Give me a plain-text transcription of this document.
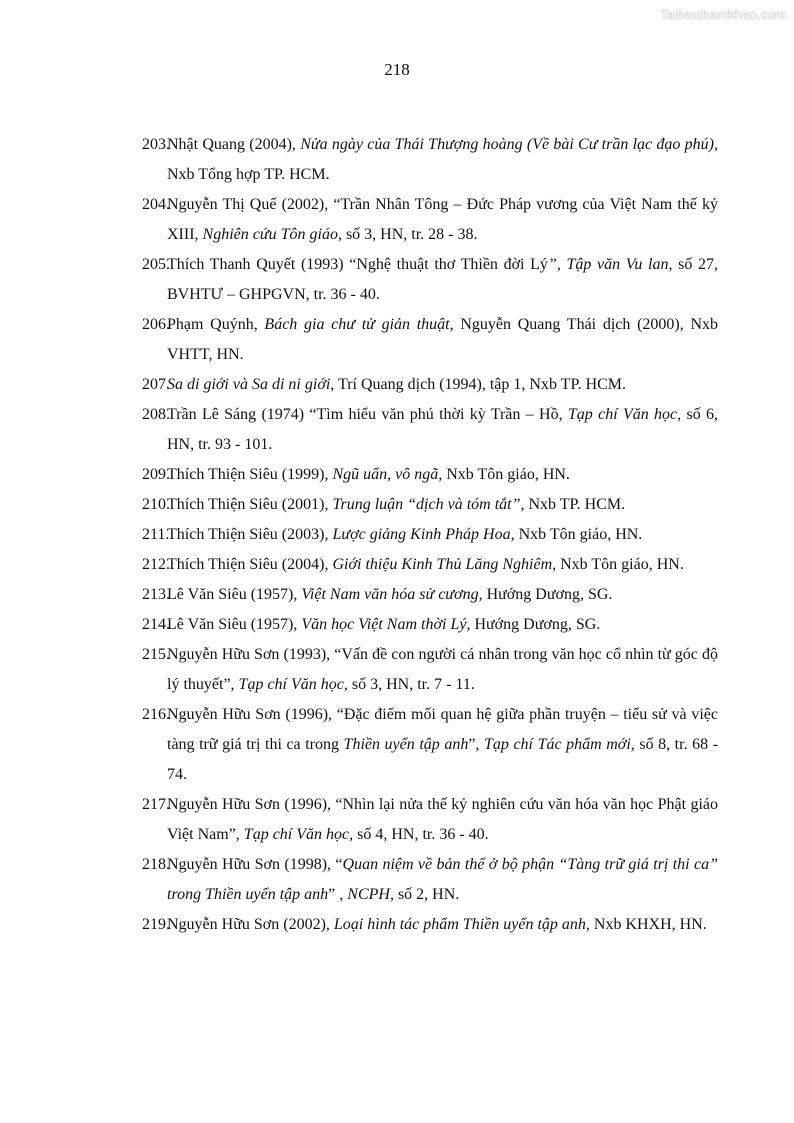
Tailieuthamkhao.com
218
203.
Nhật Quang (2004), Nửa ngày của Thái Thượng hoàng (Về bài Cư trần lạc đạo phú), Nxb Tổng hợp TP. HCM.
204.
Nguyễn Thị Quế (2002), “Trần Nhân Tông – Đức Pháp vương của Việt Nam thế kỷ XIII, Nghiên cứu Tôn giáo, số 3, HN, tr. 28 - 38.
205.
Thích Thanh Quyết (1993) “Nghệ thuật thơ Thiền đời Lý”, Tập văn Vu lan, số 27, BVHTƯ – GHPGVN, tr. 36 - 40.
206.
Phạm Quýnh, Bách gia chư tử giản thuật, Nguyễn Quang Thái dịch (2000), Nxb VHTT, HN.
207.
Sa di giới và Sa di ni giới, Trí Quang dịch (1994), tập 1, Nxb TP. HCM.
208.
Trần Lê Sáng (1974) “Tìm hiểu văn phú thời kỳ Trần – Hồ, Tạp chí Văn học, số 6, HN, tr. 93 - 101.
209.
Thích Thiện Siêu (1999), Ngũ uẩn, vô ngã, Nxb Tôn giáo, HN.
210.
Thích Thiện Siêu (2001), Trung luận “dịch và tóm tắt”, Nxb TP. HCM.
211.
Thích Thiện Siêu (2003), Lược giảng Kinh Pháp Hoa, Nxb Tôn giáo, HN.
212.
Thích Thiện Siêu (2004), Giới thiệu Kinh Thủ Lăng Nghiêm, Nxb Tôn giáo, HN.
213.
Lê Văn Siêu (1957), Việt Nam văn hóa sử cương, Hướng Dương, SG.
214.
Lê Văn Siêu (1957), Văn học Việt Nam thời Lý, Hướng Dương, SG.
215.
Nguyễn Hữu Sơn (1993), “Vấn đề con người cá nhân trong văn học cổ nhìn từ góc độ lý thuyết”, Tạp chí Văn học, số 3, HN, tr. 7 - 11.
216.
Nguyễn Hữu Sơn (1996), “Đặc điểm mối quan hệ giữa phần truyện – tiểu sử và việc tàng trữ giá trị thi ca trong Thiền uyển tập anh”, Tạp chí Tác phẩm mới, số 8, tr. 68 - 74.
217.
Nguyễn Hữu Sơn (1996), “Nhìn lại nửa thế kỷ nghiên cứu văn hóa văn học Phật giáo Việt Nam”, Tạp chí Văn học, số 4, HN, tr. 36 - 40.
218.
Nguyễn Hữu Sơn (1998), “Quan niệm về bản thể ở bộ phận “Tàng trữ giá trị thi ca” trong Thiền uyển tập anh” , NCPH, số 2, HN.
219.
Nguyễn Hữu Sơn (2002), Loại hình tác phẩm Thiền uyển tập anh, Nxb KHXH, HN.
